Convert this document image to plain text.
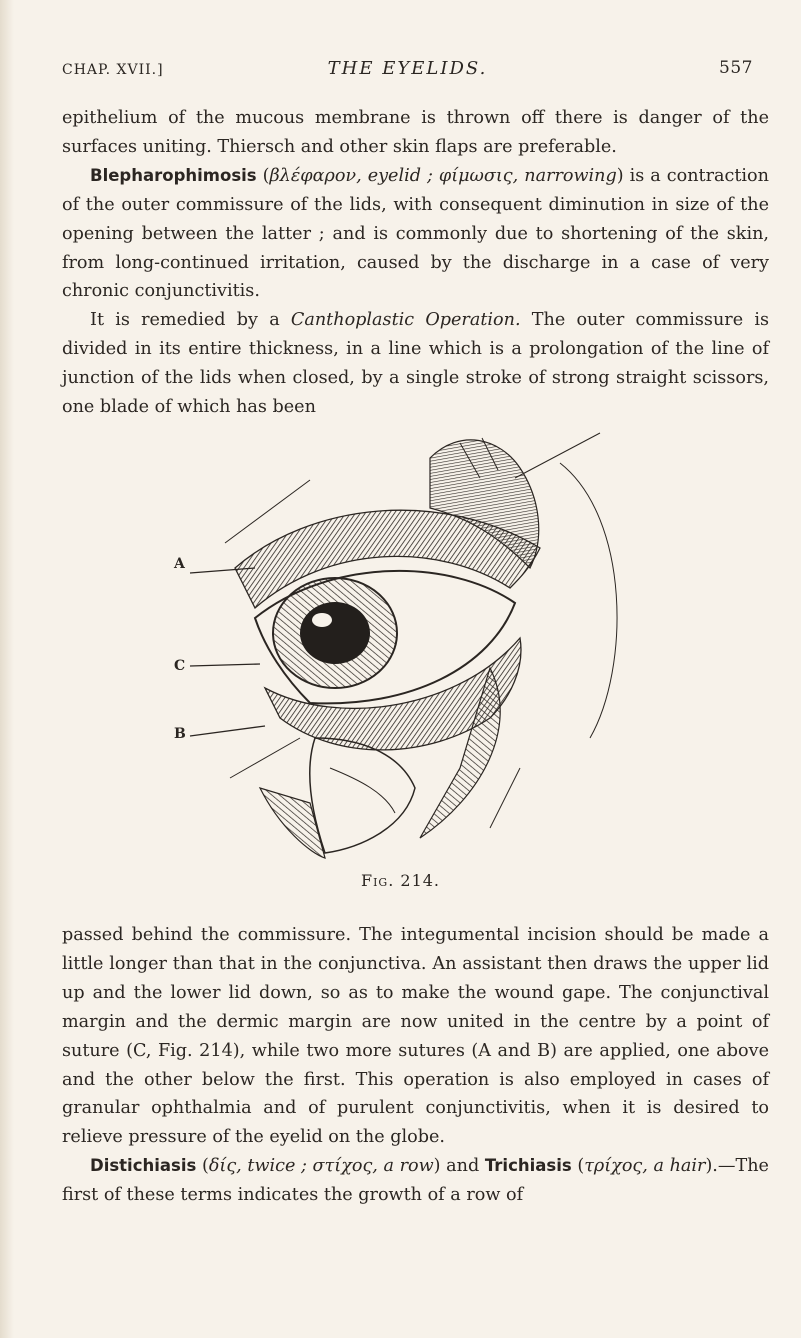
CHAP. XVII.]	THE EYELIDS.	557

epithelium of the mucous membrane is thrown off there is danger of the surfaces uniting. Thiersch and other skin flaps are preferable.

Blepharophimosis (βλέφαρον, eyelid ; φίμωσις, narrowing) is a contraction of the outer commissure of the lids, with consequent diminution in size of the opening between the latter ; and is commonly due to shortening of the skin, from long-continued irritation, caused by the discharge in a case of very chronic conjunctivitis.

It is remedied by a Canthoplastic Operation. The outer commissure is divided in its entire thickness, in a line which is a prolongation of the line of junction of the lids when closed, by a single stroke of strong straight scissors, one blade of which has been

A
C
B
Fig. 214.

passed behind the commissure. The integumental incision should be made a little longer than that in the conjunctiva. An assistant then draws the upper lid up and the lower lid down, so as to make the wound gape. The conjunctival margin and the dermic margin are now united in the centre by a point of suture (C, Fig. 214), while two more sutures (A and B) are applied, one above and the other below the first. This operation is also employed in cases of granular ophthalmia and of purulent conjunctivitis, when it is desired to relieve pressure of the eyelid on the globe.

Distichiasis (δίς, twice ; στίχος, a row) and Trichiasis (τρίχος, a hair).—The first of these terms indicates the growth of a row of
